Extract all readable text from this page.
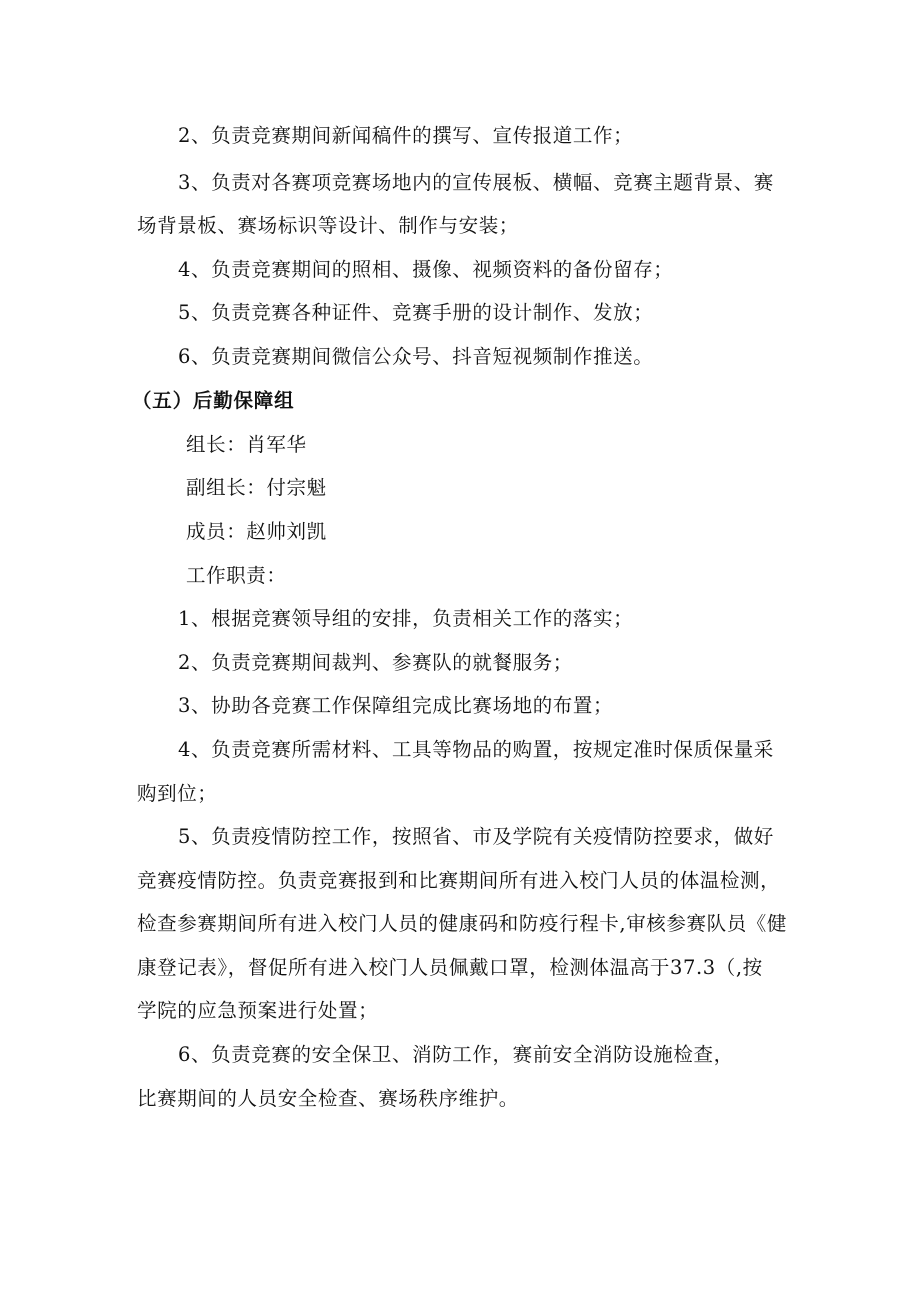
2、负责竞赛期间新闻稿件的撰写、宣传报道工作；
3、负责对各赛项竞赛场地内的宣传展板、横幅、竞赛主题背景、赛
场背景板、赛场标识等设计、制作与安装；
4、负责竞赛期间的照相、摄像、视频资料的备份留存；
5、负责竞赛各种证件、竞赛手册的设计制作、发放；
6、负责竞赛期间微信公众号、抖音短视频制作推送。
（五）后勤保障组
组长：肖军华
副组长：付宗魁
成员：赵帅刘凯
工作职责：
1、根据竞赛领导组的安排，负责相关工作的落实；
2、负责竞赛期间裁判、参赛队的就餐服务；
3、协助各竞赛工作保障组完成比赛场地的布置；
4、负责竞赛所需材料、工具等物品的购置，按规定准时保质保量采
购到位；
5、负责疫情防控工作，按照省、市及学院有关疫情防控要求，做好
竞赛疫情防控。负责竞赛报到和比赛期间所有进入校门人员的体温检测，
检查参赛期间所有进入校门人员的健康码和防疫行程卡,审核参赛队员《健
康登记表》，督促所有进入校门人员佩戴口罩，检测体温高于37.3（,按
学院的应急预案进行处置；
6、负责竞赛的安全保卫、消防工作，赛前安全消防设施检查，
比赛期间的人员安全检查、赛场秩序维护。
